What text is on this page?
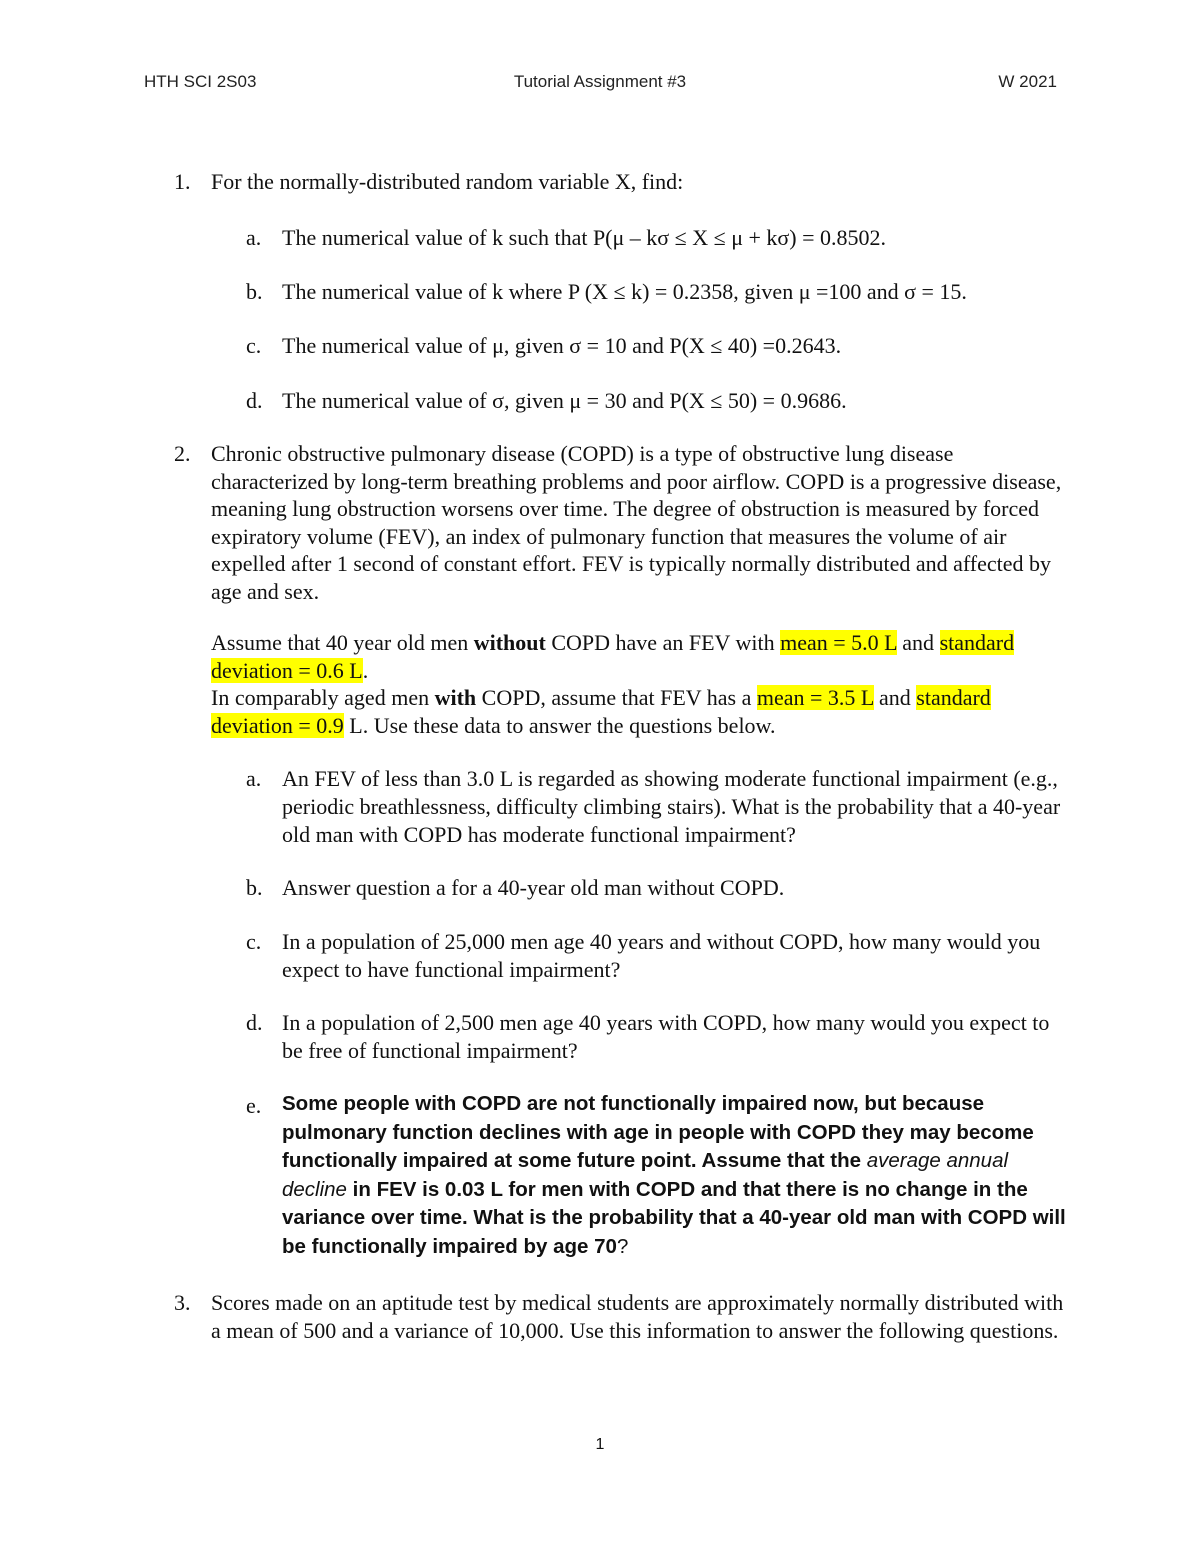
HTH SCI 2S03	Tutorial Assignment #3	W 2021
1. For the normally-distributed random variable X, find:
a. The numerical value of k such that P(μ – kσ ≤ X ≤ μ + kσ) = 0.8502.
b. The numerical value of k where P (X ≤ k) = 0.2358, given μ =100 and σ = 15.
c. The numerical value of μ, given σ = 10 and P(X ≤ 40) =0.2643.
d. The numerical value of σ, given μ = 30 and P(X ≤ 50) = 0.9686.
2. Chronic obstructive pulmonary disease (COPD) is a type of obstructive lung disease characterized by long-term breathing problems and poor airflow. COPD is a progressive disease, meaning lung obstruction worsens over time. The degree of obstruction is measured by forced expiratory volume (FEV), an index of pulmonary function that measures the volume of air expelled after 1 second of constant effort. FEV is typically normally distributed and affected by age and sex.
Assume that 40 year old men without COPD have an FEV with mean = 5.0 L and standard deviation = 0.6 L.
In comparably aged men with COPD, assume that FEV has a mean = 3.5 L and standard deviation = 0.9 L. Use these data to answer the questions below.
a. An FEV of less than 3.0 L is regarded as showing moderate functional impairment (e.g., periodic breathlessness, difficulty climbing stairs). What is the probability that a 40-year old man with COPD has moderate functional impairment?
b. Answer question a for a 40-year old man without COPD.
c. In a population of 25,000 men age 40 years and without COPD, how many would you expect to have functional impairment?
d. In a population of 2,500 men age 40 years with COPD, how many would you expect to be free of functional impairment?
e. Some people with COPD are not functionally impaired now, but because pulmonary function declines with age in people with COPD they may become functionally impaired at some future point. Assume that the average annual decline in FEV is 0.03 L for men with COPD and that there is no change in the variance over time. What is the probability that a 40-year old man with COPD will be functionally impaired by age 70?
3. Scores made on an aptitude test by medical students are approximately normally distributed with a mean of 500 and a variance of 10,000. Use this information to answer the following questions.
1
